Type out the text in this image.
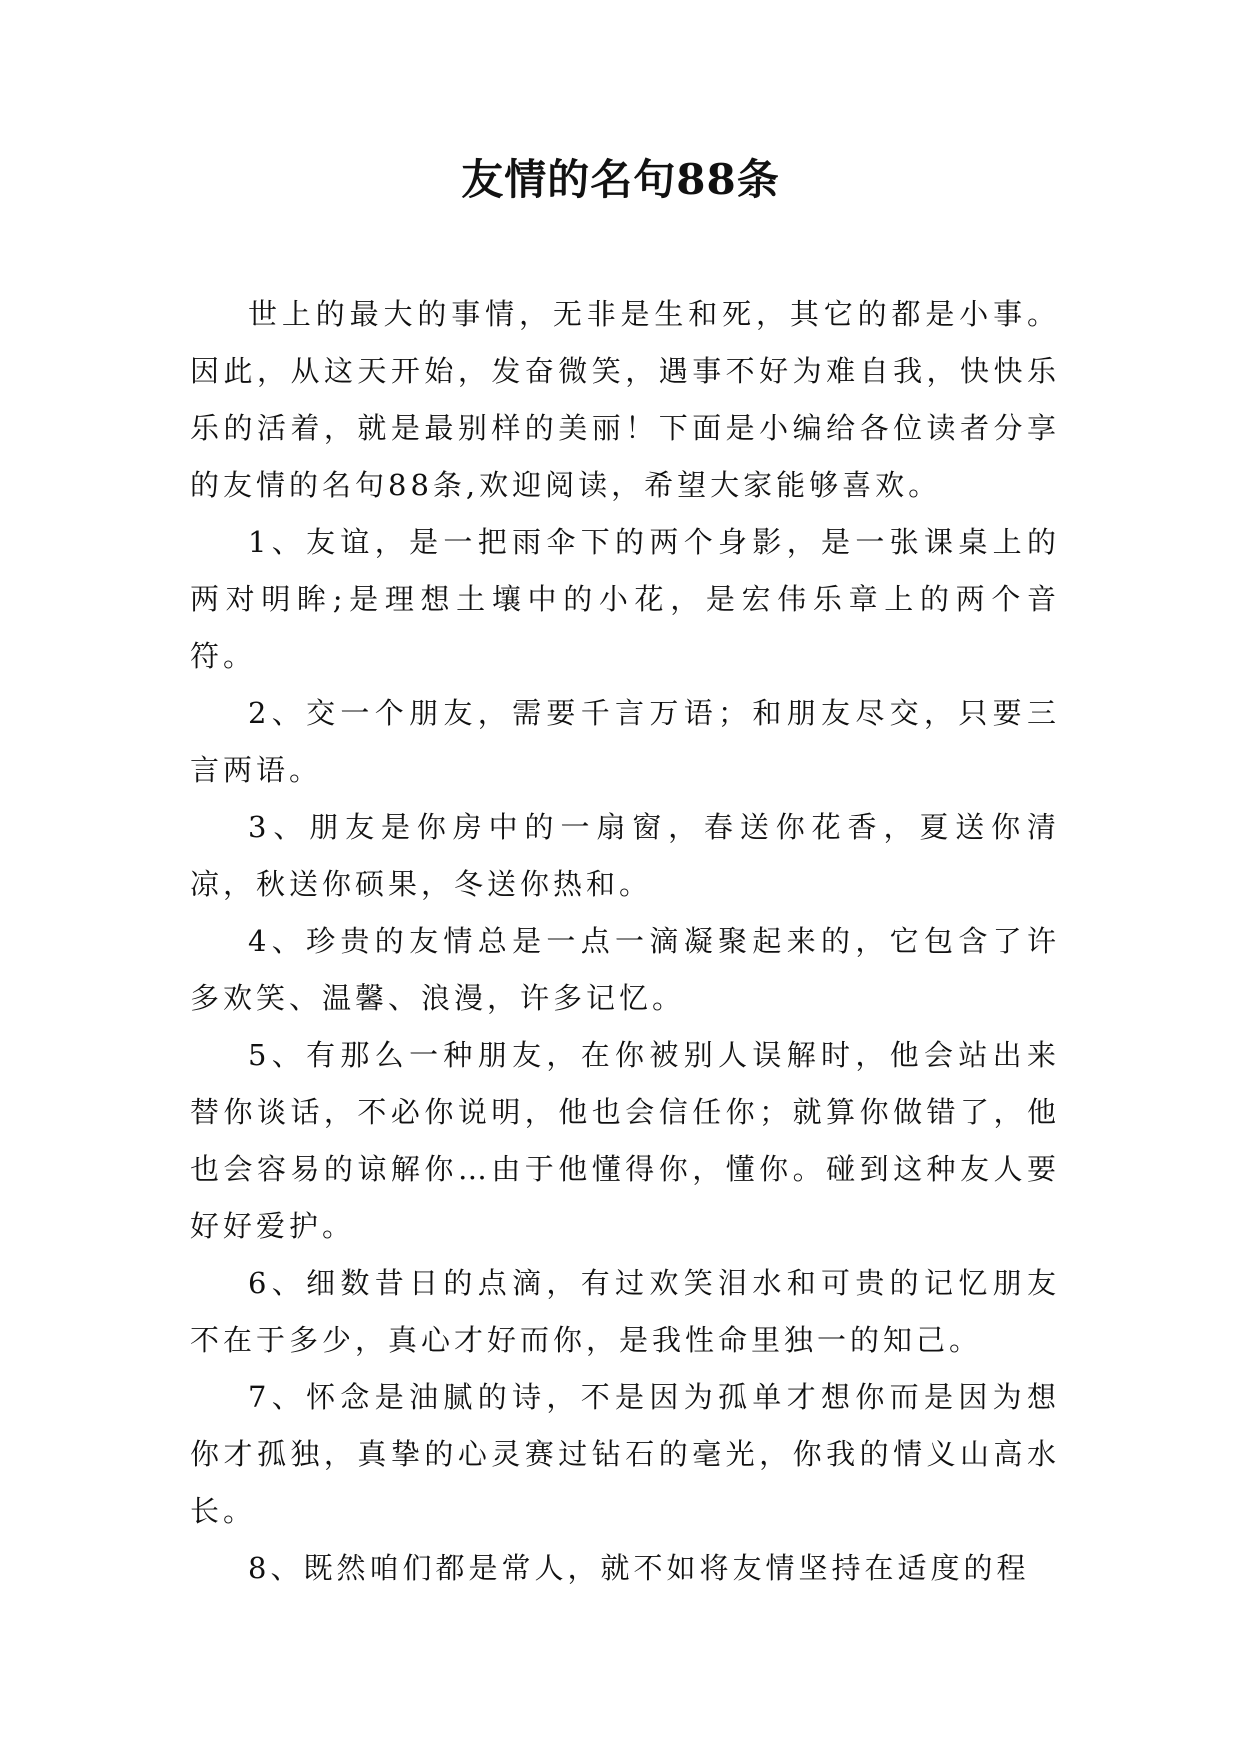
友情的名句88条

世上的最大的事情，无非是生和死，其它的都是小事。因此，从这天开始，发奋微笑，遇事不好为难自我，快快乐乐的活着，就是最别样的美丽！下面是小编给各位读者分享的友情的名句88条,欢迎阅读，希望大家能够喜欢。

1、友谊，是一把雨伞下的两个身影，是一张课桌上的两对明眸;是理想土壤中的小花，是宏伟乐章上的两个音符。

2、交一个朋友，需要千言万语；和朋友尽交，只要三言两语。

3、朋友是你房中的一扇窗，春送你花香，夏送你清凉，秋送你硕果，冬送你热和。

4、珍贵的友情总是一点一滴凝聚起来的，它包含了许多欢笑、温馨、浪漫，许多记忆。

5、有那么一种朋友，在你被别人误解时，他会站出来替你谈话，不必你说明，他也会信任你；就算你做错了，他也会容易的谅解你…由于他懂得你，懂你。碰到这种友人要好好爱护。

6、细数昔日的点滴，有过欢笑泪水和可贵的记忆朋友不在于多少，真心才好而你，是我性命里独一的知己。

7、怀念是油腻的诗，不是因为孤单才想你而是因为想你才孤独，真挚的心灵赛过钻石的毫光，你我的情义山高水长。

8、既然咱们都是常人，就不如将友情坚持在适度的程
